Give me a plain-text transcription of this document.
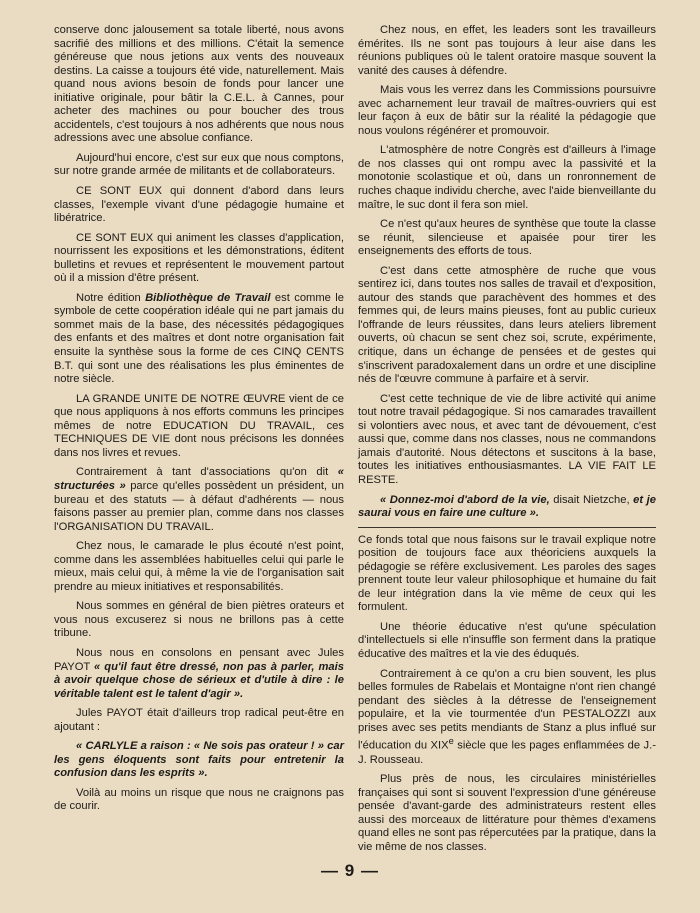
conserve donc jalousement sa totale liberté, nous avons sacrifié des millions et des millions. C'était la semence généreuse que nous jetions aux vents des nouveaux destins. La caisse a toujours été vide, naturellement. Mais quand nous avions besoin de fonds pour lancer une initiative originale, pour bâtir la C.E.L. à Cannes, pour acheter des machines ou pour boucher des trous accidentels, c'est toujours à nos adhérents que nous nous adressions avec une absolue confiance.

Aujourd'hui encore, c'est sur eux que nous comptons, sur notre grande armée de militants et de collaborateurs.

CE SONT EUX qui donnent d'abord dans leurs classes, l'exemple vivant d'une pédagogie humaine et libératrice.

CE SONT EUX qui animent les classes d'application, nourrissent les expositions et les démonstrations, éditent bulletins et revues et représentent le mouvement partout où il a mission d'être présent.

Notre édition Bibliothèque de Travail est comme le symbole de cette coopération idéale qui ne part jamais du sommet mais de la base, des nécessités pédagogiques des enfants et des maîtres et dont notre organisation fait ensuite la synthèse sous la forme de ces CINQ CENTS B.T. qui sont une des réalisations les plus éminentes de notre siècle.

LA GRANDE UNITE DE NOTRE ŒUVRE vient de ce que nous appliquons à nos efforts communs les principes mêmes de notre EDUCATION DU TRAVAIL, ces TECHNIQUES DE VIE dont nous précisons les données dans nos livres et revues.

Contrairement à tant d'associations qu'on dit « structurées » parce qu'elles possèdent un président, un bureau et des statuts — à défaut d'adhérents — nous faisons passer au premier plan, comme dans nos classes l'ORGANISATION DU TRAVAIL.

Chez nous, le camarade le plus écouté n'est point, comme dans les assemblées habituelles celui qui parle le mieux, mais celui qui, à même la vie de l'organisation sait prendre au mieux initiatives et responsabilités.

Nous sommes en général de bien piètres orateurs et vous nous excuserez si nous ne brillons pas à cette tribune.

Nous nous en consolons en pensant avec Jules PAYOT « qu'il faut être dressé, non pas à parler, mais à avoir quelque chose de sérieux et d'utile à dire : le véritable talent est le talent d'agir ».

Jules PAYOT était d'ailleurs trop radical peut-être en ajoutant :

« CARLYLE a raison : « Ne sois pas orateur ! » car les gens éloquents sont faits pour entretenir la confusion dans les esprits ».

Voilà au moins un risque que nous ne craignons pas de courir.

Chez nous, en effet, les leaders sont les travailleurs émérites. Ils ne sont pas toujours à leur aise dans les réunions publiques où le talent oratoire masque souvent la vanité des causes à défendre.

Mais vous les verrez dans les Commissions poursuivre avec acharnement leur travail de maîtres-ouvriers qui est leur façon à eux de bâtir sur la réalité la pédagogie que nous voulons régénérer et promouvoir.

L'atmosphère de notre Congrès est d'ailleurs à l'image de nos classes qui ont rompu avec la passivité et la monotonie scolastique et où, dans un ronronnement de ruches chaque individu cherche, avec l'aide bienveillante du maître, le suc dont il fera son miel.

Ce n'est qu'aux heures de synthèse que toute la classe se réunit, silencieuse et apaisée pour tirer les enseignements des efforts de tous.

C'est dans cette atmosphère de ruche que vous sentirez ici, dans toutes nos salles de travail et d'exposition, autour des stands que parachèvent des hommes et des femmes qui, de leurs mains pieuses, font au public curieux l'offrande de leurs réussites, dans leurs ateliers librement ouverts, où chacun se sent chez soi, scrute, expérimente, critique, dans un échange de pensées et de gestes qui s'inscrivent paradoxalement dans un ordre et une discipline nés de l'œuvre commune à parfaire et à servir.

C'est cette technique de vie de libre activité qui anime tout notre travail pédagogique. Si nos camarades travaillent si volontiers avec nous, et avec tant de dévouement, c'est aussi que, comme dans nos classes, nous ne commandons jamais d'autorité. Nous détectons et suscitons à la base, toutes les initiatives enthousiasmantes. LA VIE FAIT LE RESTE.

« Donnez-moi d'abord de la vie, disait Nietzche, et je saurai vous en faire une culture ».

Ce fonds total que nous faisons sur le travail explique notre position de toujours face aux théoriciens auxquels la pédagogie se réfère exclusivement. Les paroles des sages prennent toute leur valeur philosophique et humaine du fait de leur intégration dans la vie même de ceux qui les formulent.

Une théorie éducative n'est qu'une spéculation d'intellectuels si elle n'insuffle son ferment dans la pratique éducative des maîtres et la vie des éduqués.

Contrairement à ce qu'on a cru bien souvent, les plus belles formules de Rabelais et Montaigne n'ont rien changé pendant des siècles à la détresse de l'enseignement populaire, et la vie tourmentée d'un PESTALOZZI aux prises avec ses petits mendiants de Stanz a plus influé sur l'éducation du XIXe siècle que les pages enflammées de J.-J. Rousseau.

Plus près de nous, les circulaires ministérielles françaises qui sont si souvent l'expression d'une généreuse pensée d'avant-garde des administrateurs restent elles aussi des morceaux de littérature pour thèmes d'examens quand elles ne sont pas répercutées par la pratique, dans la vie même de nos classes.

— 9 —
